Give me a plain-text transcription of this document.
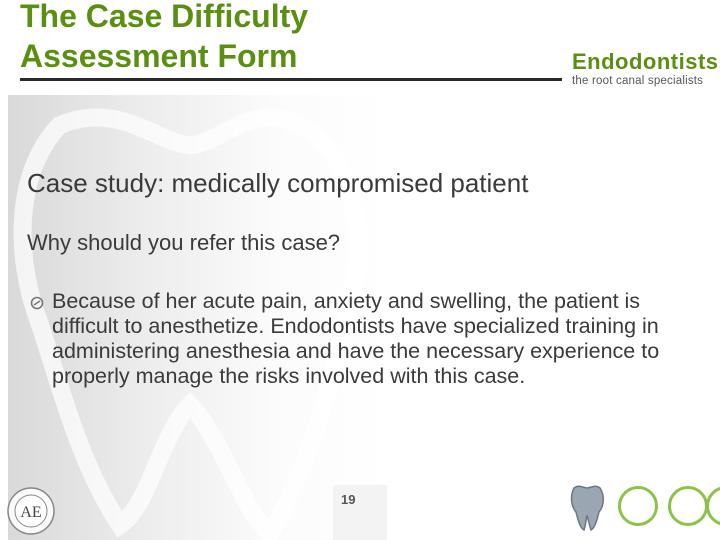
The Case Difficulty
Assessment Form	Endodontists
the root canal specialists
Case study: medically compromised patient
Why should you refer this case?
Because of her acute pain, anxiety and swelling, the patient is difficult to anesthetize. Endodontists have specialized training in administering anesthesia and have the necessary experience to properly manage the risks involved with this case.
19
AE
